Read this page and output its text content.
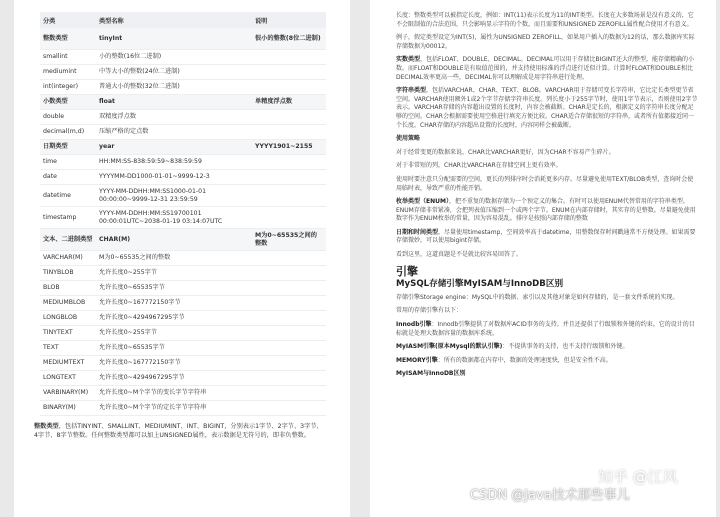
分类	类型名称	说明
整数类型	tinyInt	很小的整数(8位二进制)
smallint	小的整数(16位二进制)	
mediumint	中等大小的整数(24位二进制)	
int(integer)	普通大小的整数(32位二进制)	
小数类型	float	单精度浮点数
double	双精度浮点数	
decimal(m,d)	压缩严格的定点数	
日期类型	year	YYYY1901~2155
time	HH:MM:SS-838:59:59~838:59:59	
date	YYYYMM-DD1000-01-01~9999-12-3	
datetime	YYYY-MM-DDHH:MM:SS1000-01-01 00:00:00~9999-12-31 23:59:59	
timestamp	YYYY-MM-DDHH:MM:SS19700101 00:00:01UTC~2038-01-19 03:14:07UTC	
文本、二进制类型	CHAR(M)	M为0~65535之间的整数
VARCHAR(M)	M为0~65535之间的整数	
TINYBLOB	允许长度0~255字节	
BLOB	允许长度0~65535字节	
MEDIUMBLOB	允许长度0~167772150字节	
LONGBLOB	允许长度0~4294967295字节	
TINYTEXT	允许长度0~255字节	
TEXT	允许长度0~65535字节	
MEDIUMTEXT	允许长度0~167772150字节	
LONGTEXT	允许长度0~4294967295字节	
VARBINARY(M)	允许长度0~M个字节的变长字节字符串	
BINARY(M)	允许长度0~M个字节的定长字节字符串	
整数类型，包括TINYINT、SMALLINT、MEDIUMINT、INT、BIGINT，分别表示1字节、2字节、3字节、4字节、8字节整数。任何整数类型都可以加上UNSIGNED属性，表示数据是无符号的，即非负整数。

长度：整数类型可以被指定长度，例如：INT(11)表示长度为11的INT类型。长度在大多数场景是没有意义的，它不会限制值的合法范围，只会影响显示字符的个数，而且需要和UNSIGNED ZEROFILL属性配合使用才有意义。

例子，假定类型设定为INT(5)，属性为UNSIGNED ZEROFILL，如果用户插入的数据为12的话，那么数据库实际存储数据为00012。

实数类型，包括FLOAT、DOUBLE、DECIMAL。DECIMAL可以用于存储比BIGINT还大的整型，能存储精确的小数。而FLOAT和DOUBLE是有取值范围的，并支持使用标准的浮点进行近似计算。计算时FLOAT和DOUBLE相比DECIMAL效率更高一些，DECIMAL你可以理解成是用字符串进行处理。

字符串类型，包括VARCHAR、CHAR、TEXT、BLOB。VARCHAR用于存储可变长字符串，它比定长类型更节省空间。VARCHAR使用额外1或2个字节存储字符串长度。列长度小于255字节时，使用1字节表示，否则使用2字节表示。VARCHAR存储的内容超出设置的长度时，内容会被截断。CHAR是定长的，根据定义的字符串长度分配足够的空间。CHAR会根据需要使用空格进行填充方便比较。CHAR适合存储很短的字符串，或者所有值都接近同一个长度。CHAR存储的内容超出设置的长度时，内容同样会被截断。

使用策略

对于经常变更的数据来说，CHAR比VARCHAR更好，因为CHAR不容易产生碎片。

对于非常短的列，CHAR比VARCHAR在存储空间上更有效率。

使用时要注意只分配需要的空间，更长的列排序时会消耗更多内存。尽量避免使用TEXT/BLOB类型，查询时会使用临时表，导致严重的性能开销。

枚举类型（ENUM），把不重复的数据存储为一个预定义的集合。有时可以使用ENUM代替常用的字符串类型。ENUM存储非常紧凑，会把列表值压缩到一个或两个字节。ENUM在内部存储时，其实存的是整数。尽量避免使用数字作为ENUM枚举的常量，因为容易混乱。排序是按照内部存储的整数

日期和时间类型，尽量使用timestamp，空间效率高于datetime，用整数保存时间戳通常不方便处理。如果需要存储微妙，可以使用bigint存储。

看到这里，这道真题是不是就比较容易回答了。

引擎
MySQL存储引擎MyISAM与InnoDB区别

存储引擎Storage engine：MySQL中的数据、索引以及其他对象是如何存储的，是一套文件系统的实现。

常用的存储引擎有以下：

Innodb引擎：Innodb引擎提供了对数据库ACID事务的支持。并且还提供了行级锁和外键的约束。它的设计的目标就是处理大数据容量的数据库系统。

MyIASM引擎(原本Mysql的默认引擎)：不提供事务的支持，也不支持行级锁和外键。

MEMORY引擎：所有的数据都在内存中，数据的处理速度快，但是安全性不高。

MyISAM与InnoDB区别

知乎 @江风
CSDN @Java技术那些事儿
